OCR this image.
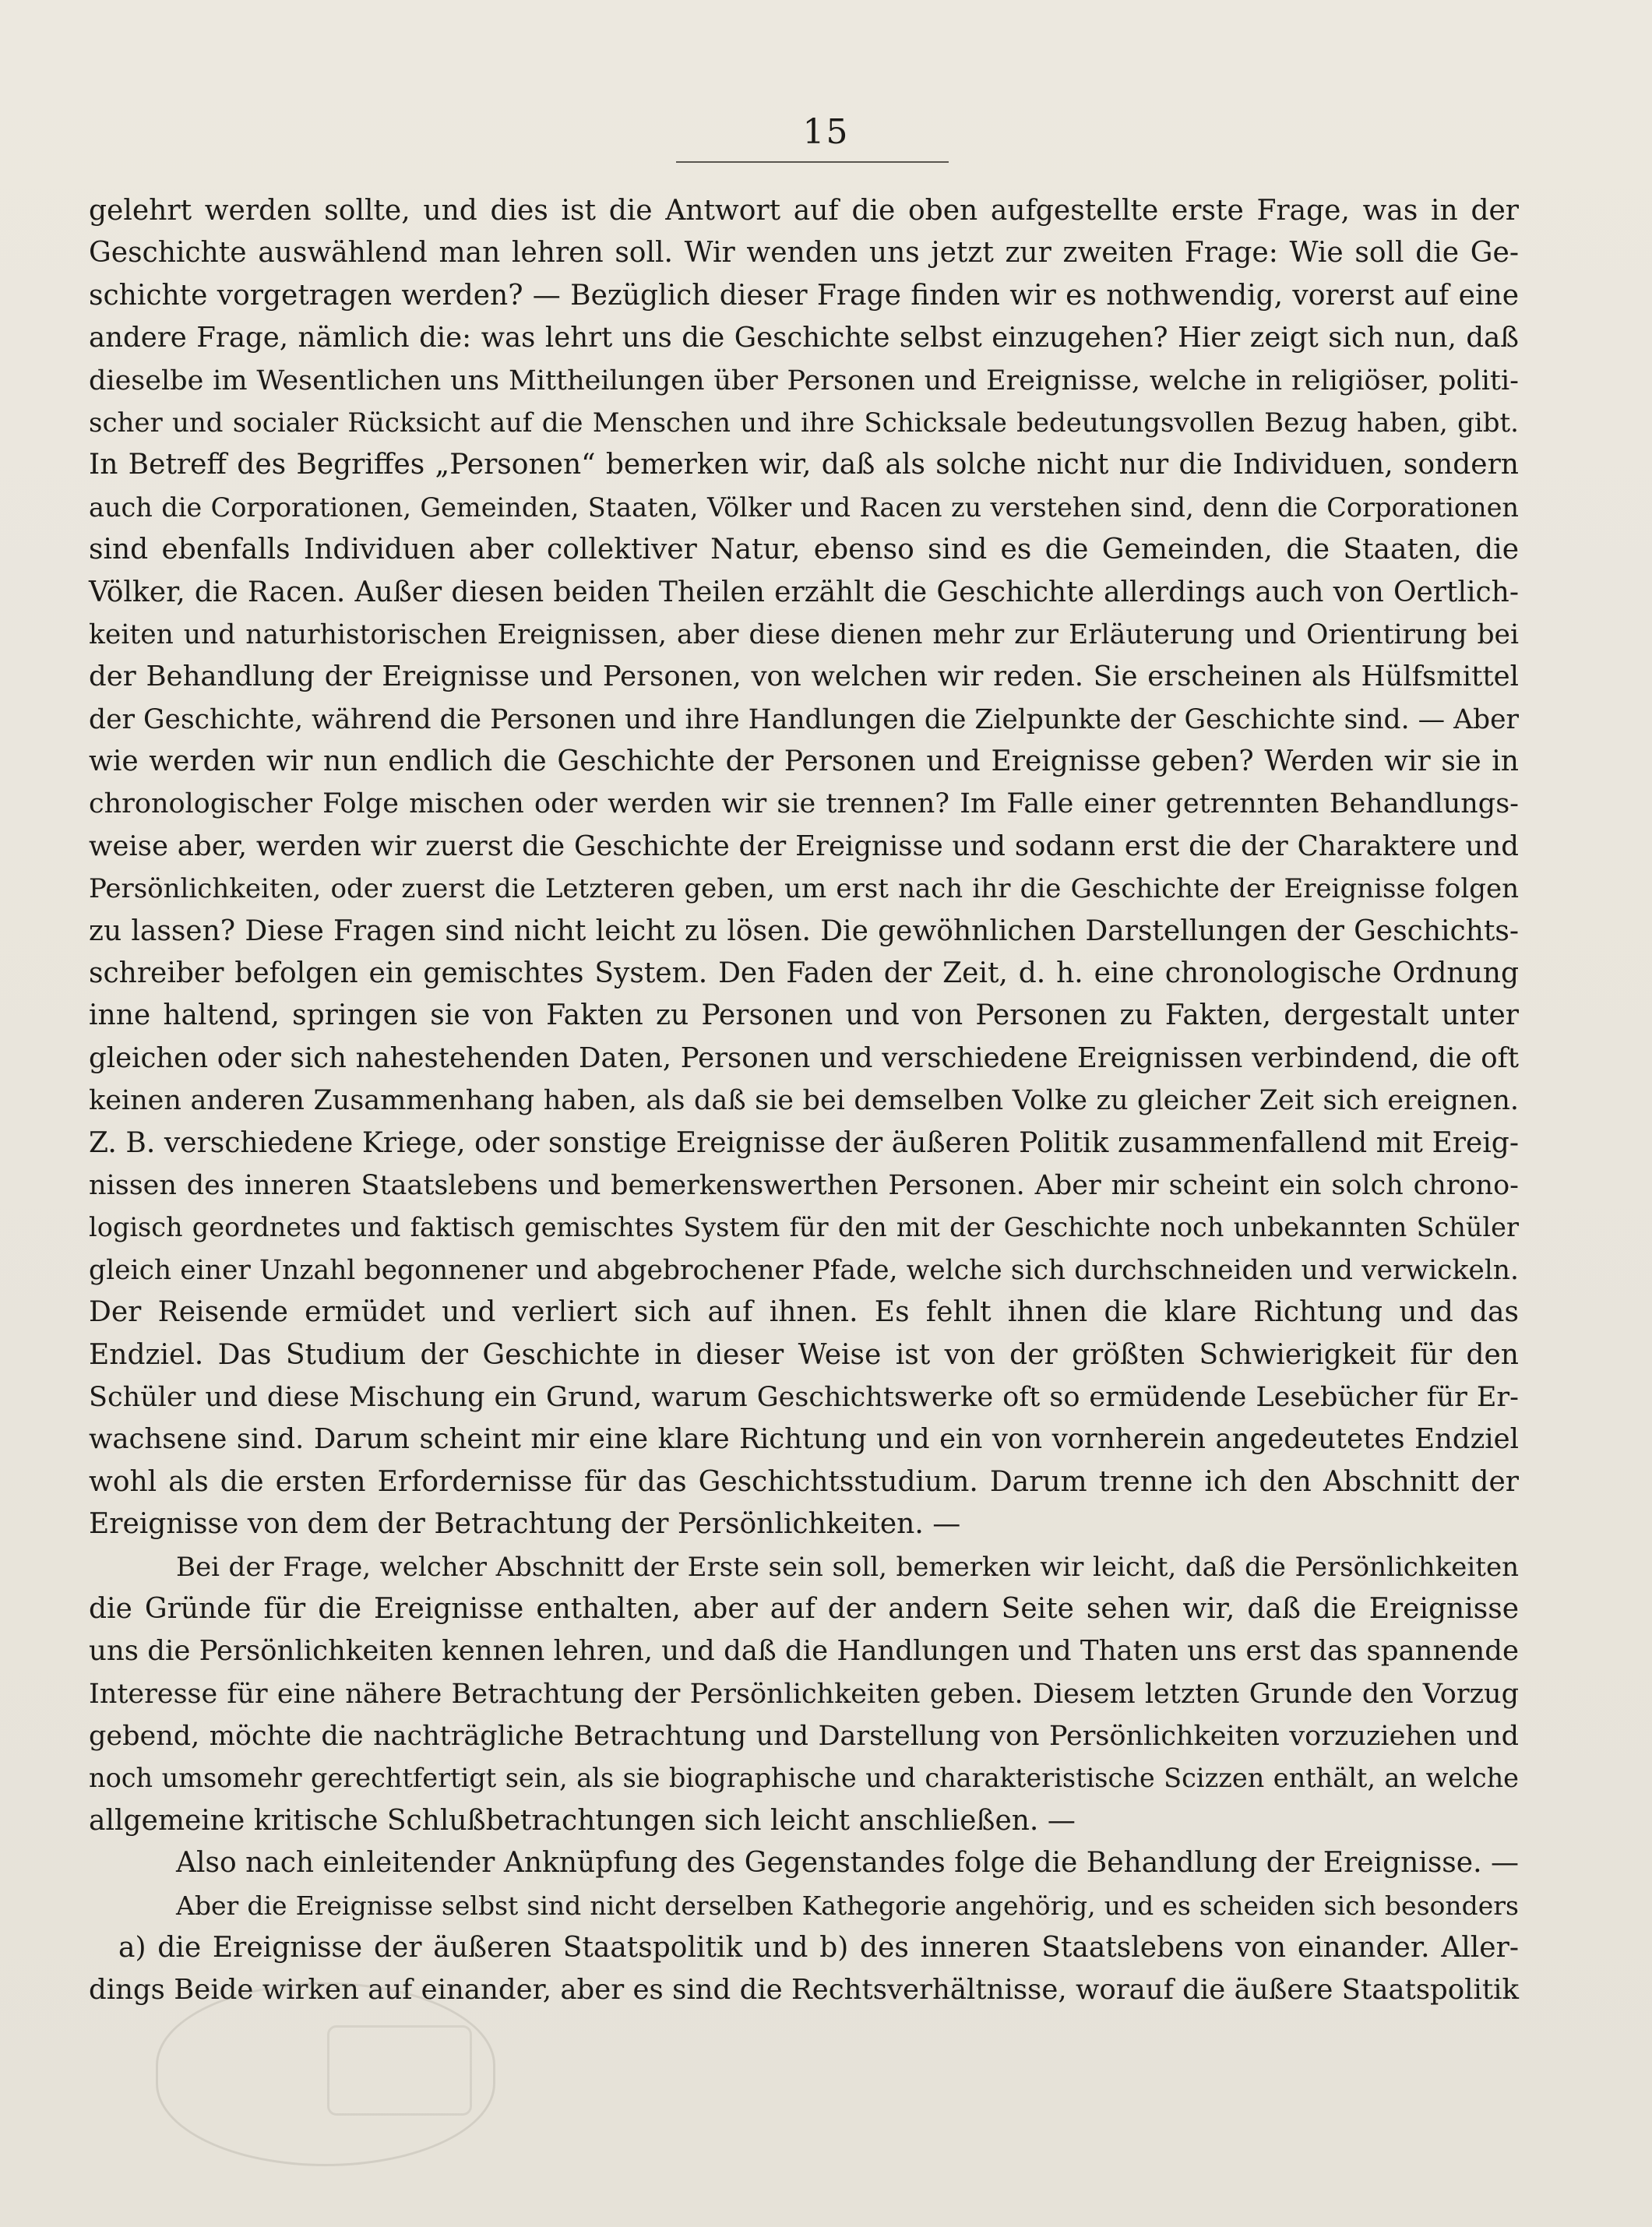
15
gelehrt werden sollte, und dies ist die Antwort auf die oben aufgestellte erste Frage, was in der
Geschichte auswählend man lehren soll. Wir wenden uns jetzt zur zweiten Frage: Wie soll die Ge-
schichte vorgetragen werden? — Bezüglich dieser Frage finden wir es nothwendig, vorerst auf eine
andere Frage, nämlich die: was lehrt uns die Geschichte selbst einzugehen? Hier zeigt sich nun, daß
dieselbe im Wesentlichen uns Mittheilungen über Personen und Ereignisse, welche in religiöser, politi-
scher und socialer Rücksicht auf die Menschen und ihre Schicksale bedeutungsvollen Bezug haben, gibt.
In Betreff des Begriffes „Personen“ bemerken wir, daß als solche nicht nur die Individuen, sondern
auch die Corporationen, Gemeinden, Staaten, Völker und Racen zu verstehen sind, denn die Corporationen
sind ebenfalls Individuen aber collektiver Natur, ebenso sind es die Gemeinden, die Staaten, die
Völker, die Racen. Außer diesen beiden Theilen erzählt die Geschichte allerdings auch von Oertlich-
keiten und naturhistorischen Ereignissen, aber diese dienen mehr zur Erläuterung und Orientirung bei
der Behandlung der Ereignisse und Personen, von welchen wir reden. Sie erscheinen als Hülfsmittel
der Geschichte, während die Personen und ihre Handlungen die Zielpunkte der Geschichte sind. — Aber
wie werden wir nun endlich die Geschichte der Personen und Ereignisse geben? Werden wir sie in
chronologischer Folge mischen oder werden wir sie trennen? Im Falle einer getrennten Behandlungs-
weise aber, werden wir zuerst die Geschichte der Ereignisse und sodann erst die der Charaktere und
Persönlichkeiten, oder zuerst die Letzteren geben, um erst nach ihr die Geschichte der Ereignisse folgen
zu lassen? Diese Fragen sind nicht leicht zu lösen. Die gewöhnlichen Darstellungen der Geschichts-
schreiber befolgen ein gemischtes System. Den Faden der Zeit, d. h. eine chronologische Ordnung
inne haltend, springen sie von Fakten zu Personen und von Personen zu Fakten, dergestalt unter
gleichen oder sich nahestehenden Daten, Personen und verschiedene Ereignissen verbindend, die oft
keinen anderen Zusammenhang haben, als daß sie bei demselben Volke zu gleicher Zeit sich ereignen.
Z. B. verschiedene Kriege, oder sonstige Ereignisse der äußeren Politik zusammenfallend mit Ereig-
nissen des inneren Staatslebens und bemerkenswerthen Personen. Aber mir scheint ein solch chrono-
logisch geordnetes und faktisch gemischtes System für den mit der Geschichte noch unbekannten Schüler
gleich einer Unzahl begonnener und abgebrochener Pfade, welche sich durchschneiden und verwickeln.
Der Reisende ermüdet und verliert sich auf ihnen. Es fehlt ihnen die klare Richtung und das
Endziel. Das Studium der Geschichte in dieser Weise ist von der größten Schwierigkeit für den
Schüler und diese Mischung ein Grund, warum Geschichtswerke oft so ermüdende Lesebücher für Er-
wachsene sind. Darum scheint mir eine klare Richtung und ein von vornherein angedeutetes Endziel
wohl als die ersten Erfordernisse für das Geschichtsstudium. Darum trenne ich den Abschnitt der
Ereignisse von dem der Betrachtung der Persönlichkeiten. —
Bei der Frage, welcher Abschnitt der Erste sein soll, bemerken wir leicht, daß die Persönlichkeiten
die Gründe für die Ereignisse enthalten, aber auf der andern Seite sehen wir, daß die Ereignisse
uns die Persönlichkeiten kennen lehren, und daß die Handlungen und Thaten uns erst das spannende
Interesse für eine nähere Betrachtung der Persönlichkeiten geben. Diesem letzten Grunde den Vorzug
gebend, möchte die nachträgliche Betrachtung und Darstellung von Persönlichkeiten vorzuziehen und
noch umsomehr gerechtfertigt sein, als sie biographische und charakteristische Scizzen enthält, an welche
allgemeine kritische Schlußbetrachtungen sich leicht anschließen. —
Also nach einleitender Anknüpfung des Gegenstandes folge die Behandlung der Ereignisse. —
Aber die Ereignisse selbst sind nicht derselben Kathegorie angehörig, und es scheiden sich besonders
a) die Ereignisse der äußeren Staatspolitik und b) des inneren Staatslebens von einander. Aller-
dings Beide wirken auf einander, aber es sind die Rechtsverhältnisse, worauf die äußere Staatspolitik
